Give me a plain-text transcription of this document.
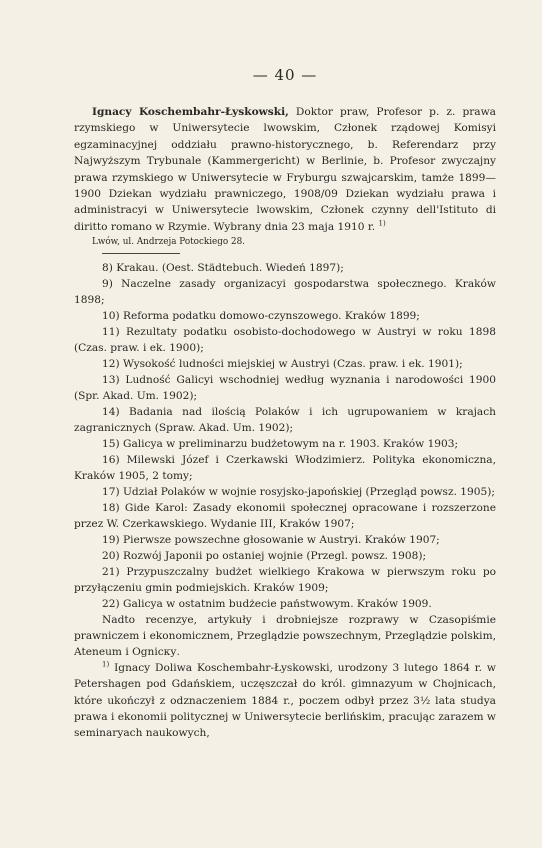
— 40 —

Ignacy Koschembahr-Łyskowski, Doktor praw, Profesor p. z. prawa rzymskiego w Uniwersytecie lwowskim, Członek rządowej Komisyi egzaminacyjnej oddziału prawno-historycznego, b. Referendarz przy Najwyższym Trybunale (Kammergericht) w Berlinie, b. Profesor zwyczajny prawa rzymskiego w Uniwersytecie w Fryburgu szwajcarskim, tamże 1899—1900 Dziekan wydziału prawniczego, 1908/09 Dziekan wydziału prawa i administracyi w Uniwersytecie lwowskim, Członek czynny dell'Istituto di diritto romano w Rzymie. Wybrany dnia 23 maja 1910 r. $^{1)}$

Lwów, ul. Andrzeja Potockiego 28.

8) Krakau. (Oest. Städtebuch. Wiedeń 1897);

9) Naczelne zasady organizacyi gospodarstwa społecznego. Kraków 1898;

10) Reforma podatku domowo-czynszowego. Kraków 1899;

11) Rezultaty podatku osobisto-dochodowego w Austryi w roku 1898 (Czas. praw. i ek. 1900);

12) Wysokość ludności miejskiej w Austryi (Czas. praw. i ek. 1901);

13) Ludność Galicyi wschodniej według wyznania i narodowości 1900 (Spr. Akad. Um. 1902);

14) Badania nad ilością Polaków i ich ugrupowaniem w krajach zagranicznych (Spraw. Akad. Um. 1902);

15) Galicya w preliminarzu budżetowym na r. 1903. Kraków 1903;

16) Milewski Józef i Czerkawski Włodzimierz. Polityka ekonomiczna, Kraków 1905, 2 tomy;

17) Udział Polaków w wojnie rosyjsko-japońskiej (Przegląd powsz. 1905);

18) Gide Karol: Zasady ekonomii społecznej opracowane i rozszerzone przez W. Czerkawskiego. Wydanie III, Kraków 1907;

19) Pierwsze powszechne głosowanie w Austryi. Kraków 1907;

20) Rozwój Japonii po ostaniej wojnie (Przegl. powsz. 1908);

21) Przypuszczalny budżet wielkiego Krakowa w pierwszym roku po przyłączeniu gmin podmiejskich. Kraków 1909;

22) Galicya w ostatnim budżecie państwowym. Kraków 1909.

Nadto recenzye, artykuły i drobniejsze rozprawy w Czasopiśmie prawniczem i ekonomicznem, Przeglądzie powszechnym, Przeglądzie polskim, Ateneum i Ogniску.

$^{1)}$ Ignacy Doliwa Koschembahr-Łyskowski, urodzony 3 lutego 1864 r. w Petershagen pod Gdańskiem, uczęszczał do król. gimnazyum w Chojnicach, które ukończył z odznaczeniem 1884 r., poczem odbył przez 3½ lata studya prawa i ekonomii politycznej w Uniwersytecie berlińskim, pracując zarazem w seminaryach naukowych,
